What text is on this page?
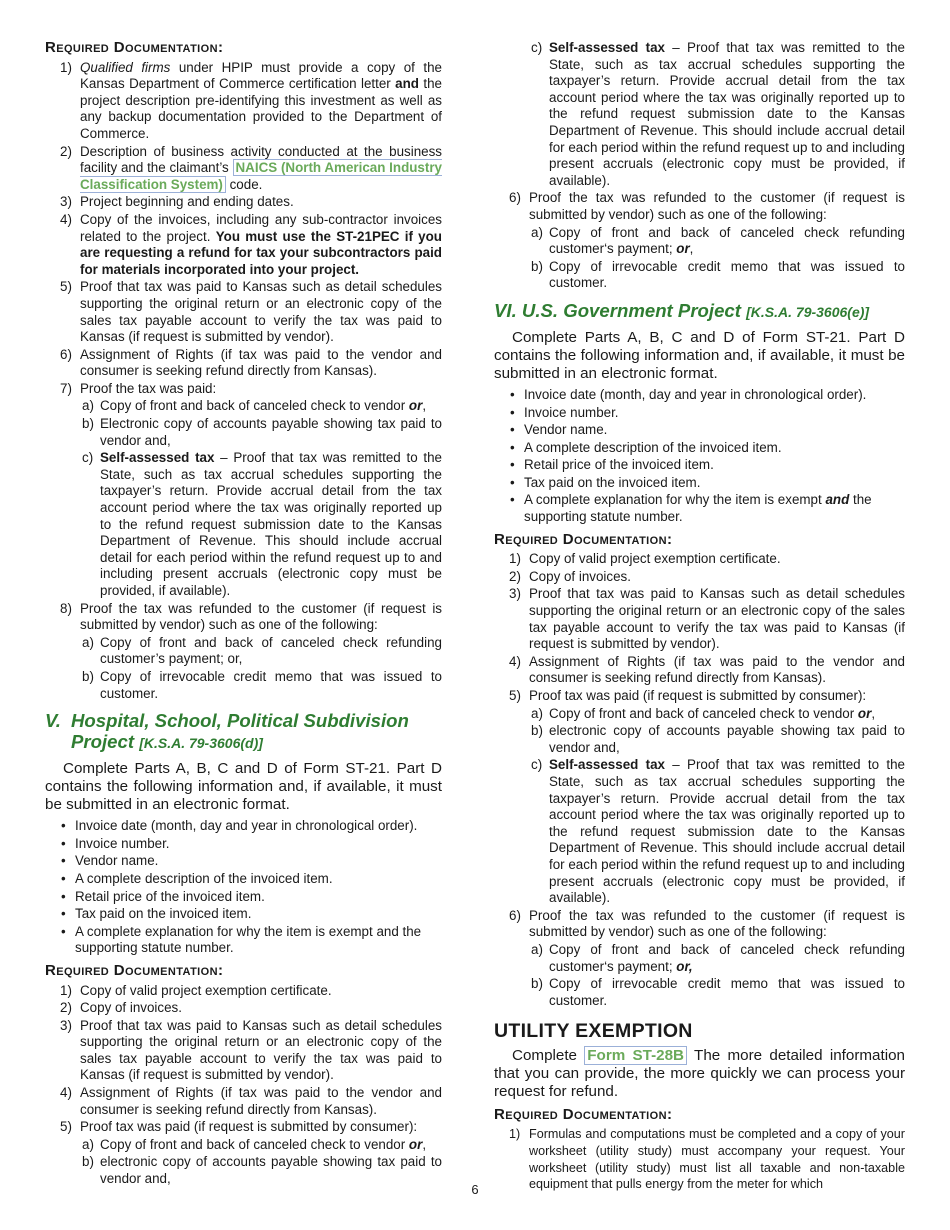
Required Documentation:

1) Qualified firms under HPIP must provide a copy of the Kansas Department of Commerce certification letter and the project description pre-identifying this investment as well as any backup documentation provided to the Department of Commerce.

2) Description of business activity conducted at the business facility and the claimant’s NAICS (North American Industry Classification System) code.

3) Project beginning and ending dates.

4) Copy of the invoices, including any sub-contractor invoices related to the project. You must use the ST-21PEC if you are requesting a refund for tax your subcontractors paid for materials incorporated into your project.

5) Proof that tax was paid to Kansas such as detail schedules supporting the original return or an electronic copy of the sales tax payable account to verify the tax was paid to Kansas (if request is submitted by vendor).

6) Assignment of Rights (if tax was paid to the vendor and consumer is seeking refund directly from Kansas).

7) Proof the tax was paid:

a) Copy of front and back of canceled check to vendor or,

b) Electronic copy of accounts payable showing tax paid to vendor and,

c) Self-assessed tax – Proof that tax was remitted to the State, such as tax accrual schedules supporting the taxpayer’s return. Provide accrual detail from the tax account period where the tax was originally reported up to the refund request submission date to the Kansas Department of Revenue. This should include accrual detail for each period within the refund request up to and including present accruals (electronic copy must be provided, if available).

8) Proof the tax was refunded to the customer (if request is submitted by vendor) such as one of the following:

a) Copy of front and back of canceled check refunding customer’s payment; or,

b) Copy of irrevocable credit memo that was issued to customer.

V. Hospital, School, Political Subdivision
Project [K.S.A. 79-3606(d)]

Complete Parts A, B, C and D of Form ST-21. Part D contains the following information and, if available, it must be submitted in an electronic format.

• Invoice date (month, day and year in chronological order).

• Invoice number.

• Vendor name.

• A complete description of the invoiced item.

• Retail price of the invoiced item.

• Tax paid on the invoiced item.

• A complete explanation for why the item is exempt and the supporting statute number.

Required Documentation:

1) Copy of valid project exemption certificate.

2) Copy of invoices.

3) Proof that tax was paid to Kansas such as detail schedules supporting the original return or an electronic copy of the sales tax payable account to verify the tax was paid to Kansas (if request is submitted by vendor).

4) Assignment of Rights (if tax was paid to the vendor and consumer is seeking refund directly from Kansas).

5) Proof tax was paid (if request is submitted by consumer):

a) Copy of front and back of canceled check to vendor or,

b) electronic copy of accounts payable showing tax paid to vendor and,

c) Self-assessed tax – Proof that tax was remitted to the State, such as tax accrual schedules supporting the taxpayer’s return. Provide accrual detail from the tax account period where the tax was originally reported up to the refund request submission date to the Kansas Department of Revenue. This should include accrual detail for each period within the refund request up to and including present accruals (electronic copy must be provided, if available).

6) Proof the tax was refunded to the customer (if request is submitted by vendor) such as one of the following:

a) Copy of front and back of canceled check refunding customer‘s payment; or,

b) Copy of irrevocable credit memo that was issued to customer.

VI. U.S. Government Project [K.S.A. 79-3606(e)]

Complete Parts A, B, C and D of Form ST-21. Part D contains the following information and, if available, it must be submitted in an electronic format.

• Invoice date (month, day and year in chronological order).

• Invoice number.

• Vendor name.

• A complete description of the invoiced item.

• Retail price of the invoiced item.

• Tax paid on the invoiced item.

• A complete explanation for why the item is exempt and the supporting statute number.

Required Documentation:

1) Copy of valid project exemption certificate.

2) Copy of invoices.

3) Proof that tax was paid to Kansas such as detail schedules supporting the original return or an electronic copy of the sales tax payable account to verify the tax was paid to Kansas (if request is submitted by vendor).

4) Assignment of Rights (if tax was paid to the vendor and consumer is seeking refund directly from Kansas).

5) Proof tax was paid (if request is submitted by consumer):

a) Copy of front and back of canceled check to vendor or,

b) electronic copy of accounts payable showing tax paid to vendor and,

c) Self-assessed tax – Proof that tax was remitted to the State, such as tax accrual schedules supporting the taxpayer’s return. Provide accrual detail from the tax account period where the tax was originally reported up to the refund request submission date to the Kansas Department of Revenue. This should include accrual detail for each period within the refund request up to and including present accruals (electronic copy must be provided, if available).

6) Proof the tax was refunded to the customer (if request is submitted by vendor) such as one of the following:

a) Copy of front and back of canceled check refunding customer‘s payment; or,

b) Copy of irrevocable credit memo that was issued to customer.

UTILITY EXEMPTION

Complete Form ST-28B The more detailed information that you can provide, the more quickly we can process your request for refund.

Required Documentation:

1) Formulas and computations must be completed and a copy of your worksheet (utility study) must accompany your request. Your worksheet (utility study) must list all taxable and non-taxable equipment that pulls energy from the meter for which

6
